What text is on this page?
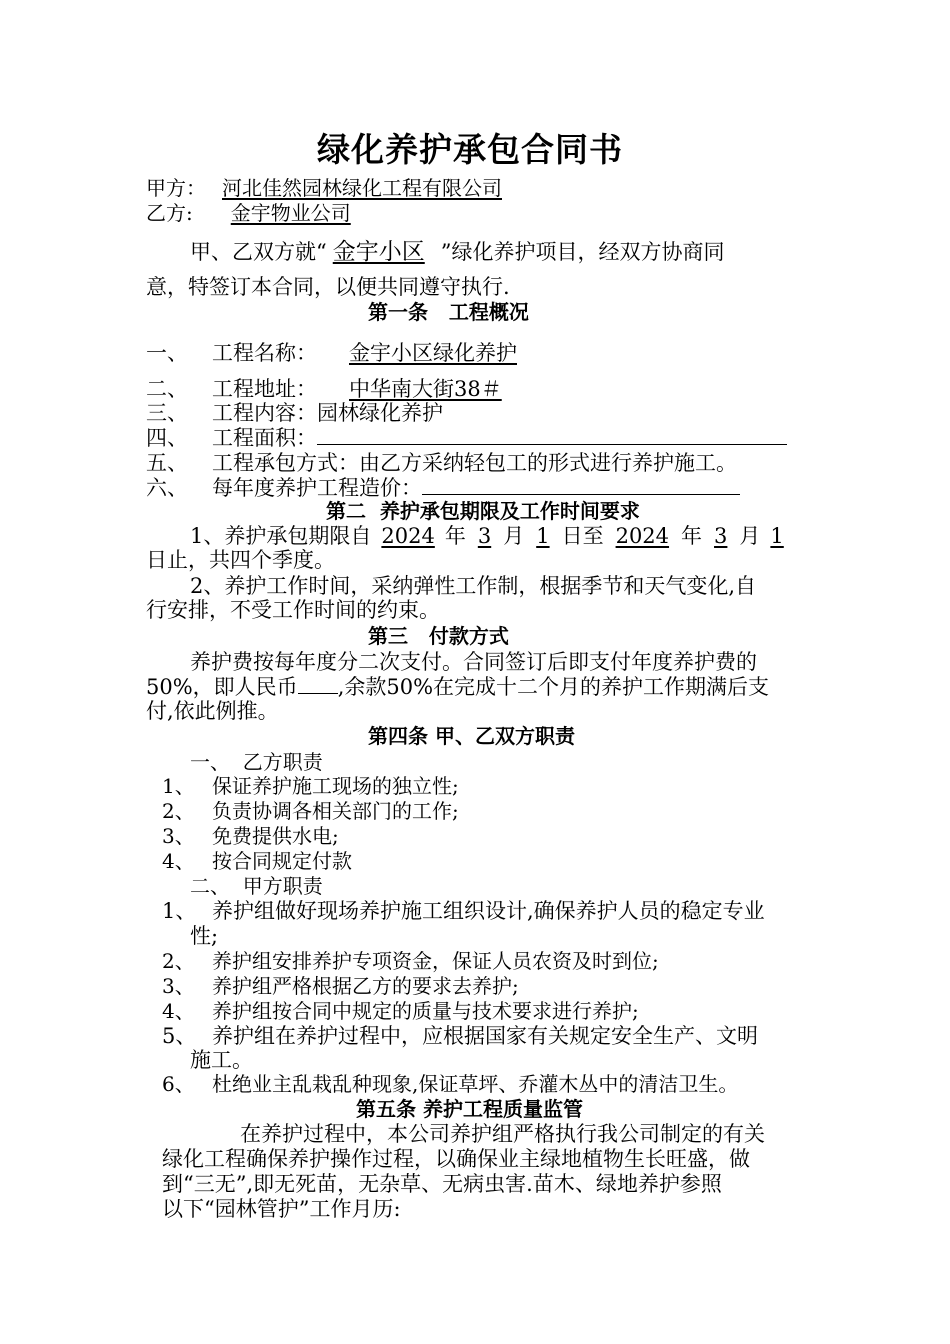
绿化养护承包合同书
甲方： 河北佳然园林绿化工程有限公司
乙方: 金宇物业公司
甲、乙双方就“ 金宇小区 ”绿化养护项目，经双方协商同
意，特签订本合同，以便共同遵守执行.
第一条   工程概况
一、 工程名称： 金宇小区绿化养护
二、 工程地址： 中华南大街38＃
三、 工程内容：园林绿化养护
四、 工程面积：
五、 工程承包方式：由乙方采纳轻包工的形式进行养护施工。
六、 每年度养护工程造价：
第二  养护承包期限及工作时间要求
1、养护承包期限自 2024 年 3 月 1 日至 2024 年 3 月 1
日止，共四个季度。
2、养护工作时间，采纳弹性工作制，根据季节和天气变化,自
行安排，不受工作时间的约束。
第三   付款方式
养护费按每年度分二次支付。合同签订后即支付年度养护费的
50%，即人民币 ,余款50%在完成十二个月的养护工作期满后支
付,依此例推。
第四条 甲、乙双方职责
一、  乙方职责
1、 保证养护施工现场的独立性;
2、 负责协调各相关部门的工作;
3、 免费提供水电;
4、 按合同规定付款
二、  甲方职责
1、 养护组做好现场养护施工组织设计,确保养护人员的稳定专业
性;
2、 养护组安排养护专项资金，保证人员农资及时到位;
3、 养护组严格根据乙方的要求去养护;
4、 养护组按合同中规定的质量与技术要求进行养护;
5、 养护组在养护过程中，应根据国家有关规定安全生产、文明
施工。
6、 杜绝业主乱栽乱种现象,保证草坪、乔灌木丛中的清洁卫生。
第五条 养护工程质量监管
在养护过程中，本公司养护组严格执行我公司制定的有关
绿化工程确保养护操作过程，以确保业主绿地植物生长旺盛，做
到“三无”,即无死苗，无杂草、无病虫害.苗木、绿地养护参照
以下“园林管护”工作月历:
